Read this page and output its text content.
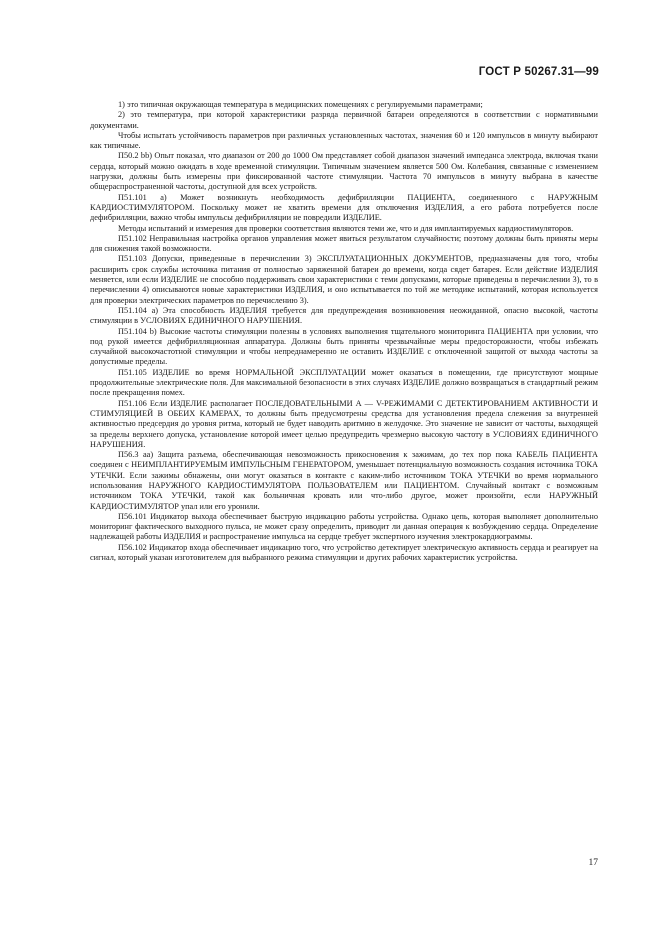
ГОСТ Р 50267.31—99

1) это типичная окружающая температура в медицинских помещениях с регулируемыми параметрами;

2) это температура, при которой характеристики разряда первичной батареи определяются в соответствии с нормативными документами.

Чтобы испытать устойчивость параметров при различных установленных частотах, значения 60 и 120 импульсов в минуту выбирают как типичные.

П50.2 bb) Опыт показал, что диапазон от 200 до 1000 Ом представляет собой диапазон значений импеданса электрода, включая ткани сердца, который можно ожидать в ходе временной стимуляции. Типичным значением является 500 Ом. Колебания, связанные с изменением нагрузки, должны быть измерены при фиксированной частоте стимуляции. Частота 70 импульсов в минуту выбрана в качестве общераспространенной частоты, доступной для всех устройств.

П51.101 а) Может возникнуть необходимость дефибрилляции ПАЦИЕНТА, соединенного с НАРУЖНЫМ КАРДИОСТИМУЛЯТОРОМ. Поскольку может не хватить времени для отключения ИЗДЕЛИЯ, а его работа потребуется после дефибрилляции, важно чтобы импульсы дефибрилляции не повредили ИЗДЕЛИЕ.

Методы испытаний и измерения для проверки соответствия являются теми же, что и для имплантируемых кардиостимуляторов.

П51.102 Неправильная настройка органов управления может явиться результатом случайности; поэтому должны быть приняты меры для снижения такой возможности.

П51.103 Допуски, приведенные в перечислении 3) ЭКСПЛУАТАЦИОННЫХ ДОКУМЕНТОВ, предназначены для того, чтобы расширить срок службы источника питания от полностью заряженной батареи до времени, когда сядет батарея. Если действие ИЗДЕЛИЯ меняется, или если ИЗДЕЛИЕ не способно поддерживать свои характеристики с теми допусками, которые приведены в перечислении 3), то в перечислении 4) описываются новые характеристики ИЗДЕЛИЯ, и оно испытывается по той же методике испытаний, которая используется для проверки электрических параметров по перечислению 3).

П51.104 а) Эта способность ИЗДЕЛИЯ требуется для предупреждения возникновения неожиданной, опасно высокой, частоты стимуляции в УСЛОВИЯХ ЕДИНИЧНОГО НАРУШЕНИЯ.

П51.104 b) Высокие частоты стимуляции полезны в условиях выполнения тщательного мониторинга ПАЦИЕНТА при условии, что под рукой имеется дефибрилляционная аппаратура. Должны быть приняты чрезвычайные меры предосторожности, чтобы избежать случайной высокочастотной стимуляции и чтобы непреднамеренно не оставить ИЗДЕЛИЕ с отключенной защитой от выхода частоты за допустимые пределы.

П51.105 ИЗДЕЛИЕ во время НОРМАЛЬНОЙ ЭКСПЛУАТАЦИИ может оказаться в помещении, где присутствуют мощные продолжительные электрические поля. Для максимальной безопасности в этих случаях ИЗДЕЛИЕ должно возвращаться в стандартный режим после прекращения помех.

П51.106 Если ИЗДЕЛИЕ располагает ПОСЛЕДОВАТЕЛЬНЫМИ А — V-РЕЖИМАМИ С ДЕТЕКТИРОВАНИЕМ АКТИВНОСТИ И СТИМУЛЯЦИЕЙ В ОБЕИХ КАМЕРАХ, то должны быть предусмотрены средства для установления предела слежения за внутренней активностью предсердия до уровня ритма, который не будет наводить аритмию в желудочке. Это значение не зависит от частоты, выходящей за пределы верхнего допуска, установление которой имеет целью предупредить чрезмерно высокую частоту в УСЛОВИЯХ ЕДИНИЧНОГО НАРУШЕНИЯ.

П56.3 аа) Защита разъема, обеспечивающая невозможность прикосновения к зажимам, до тех пор пока КАБЕЛЬ ПАЦИЕНТА соединен с НЕИМПЛАНТИРУЕМЫМ ИМПУЛЬСНЫМ ГЕНЕРАТОРОМ, уменьшает потенциальную возможность создания источника ТОКА УТЕЧКИ. Если зажимы обнажены, они могут оказаться в контакте с каким-либо источником ТОКА УТЕЧКИ во время нормального использования НАРУЖНОГО КАРДИОСТИМУЛЯТОРА ПОЛЬЗОВАТЕЛЕМ или ПАЦИЕНТОМ. Случайный контакт с возможным источником ТОКА УТЕЧКИ, такой как больничная кровать или что-либо другое, может произойти, если НАРУЖНЫЙ КАРДИОСТИМУЛЯТОР упал или его уронили.

П56.101 Индикатор выхода обеспечивает быструю индикацию работы устройства. Однако цепь, которая выполняет дополнительно мониторинг фактического выходного пульса, не может сразу определить, приводит ли данная операция к возбуждению сердца. Определение надлежащей работы ИЗДЕЛИЯ и распространение импульса на сердце требует экспертного изучения электрокардиограммы.

П56.102 Индикатор входа обеспечивает индикацию того, что устройство детектирует электрическую активность сердца и реагирует на сигнал, который указан изготовителем для выбранного режима стимуляции и других рабочих характеристик устройства.

17
